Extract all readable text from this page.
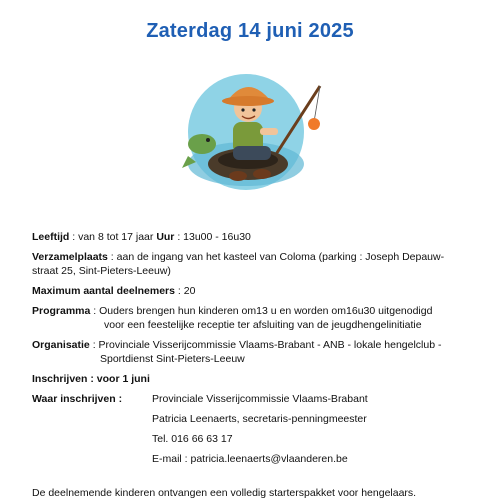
Zaterdag 14 juni 2025
Leeftijd : van 8 tot 17 jaar Uur : 13u00 - 16u30
Verzamelplaats : aan de ingang van het kasteel van Coloma (parking : Joseph Depauw-
straat 25, Sint-Pieters-Leeuw)
Maximum aantal deelnemers : 20
Programma : Ouders brengen hun kinderen om13 u en worden om16u30 uitgenodigd
voor een feestelijke receptie ter afsluiting van de jeugdhengelinitiatie
Organisatie : Provinciale Visserijcommissie Vlaams-Brabant - ANB - lokale hengelclub -
Sportdienst Sint-Pieters-Leeuw
Inschrijven : voor 1 juni
Waar inschrijven :	Provinciale Visserijcommissie Vlaams-Brabant
Patricia Leenaerts, secretaris-penningmeester
Tel. 016 66 63 17
E-mail : patricia.leenaerts@vlaanderen.be
De deelnemende kinderen ontvangen een volledig starterspakket voor hengelaars.
